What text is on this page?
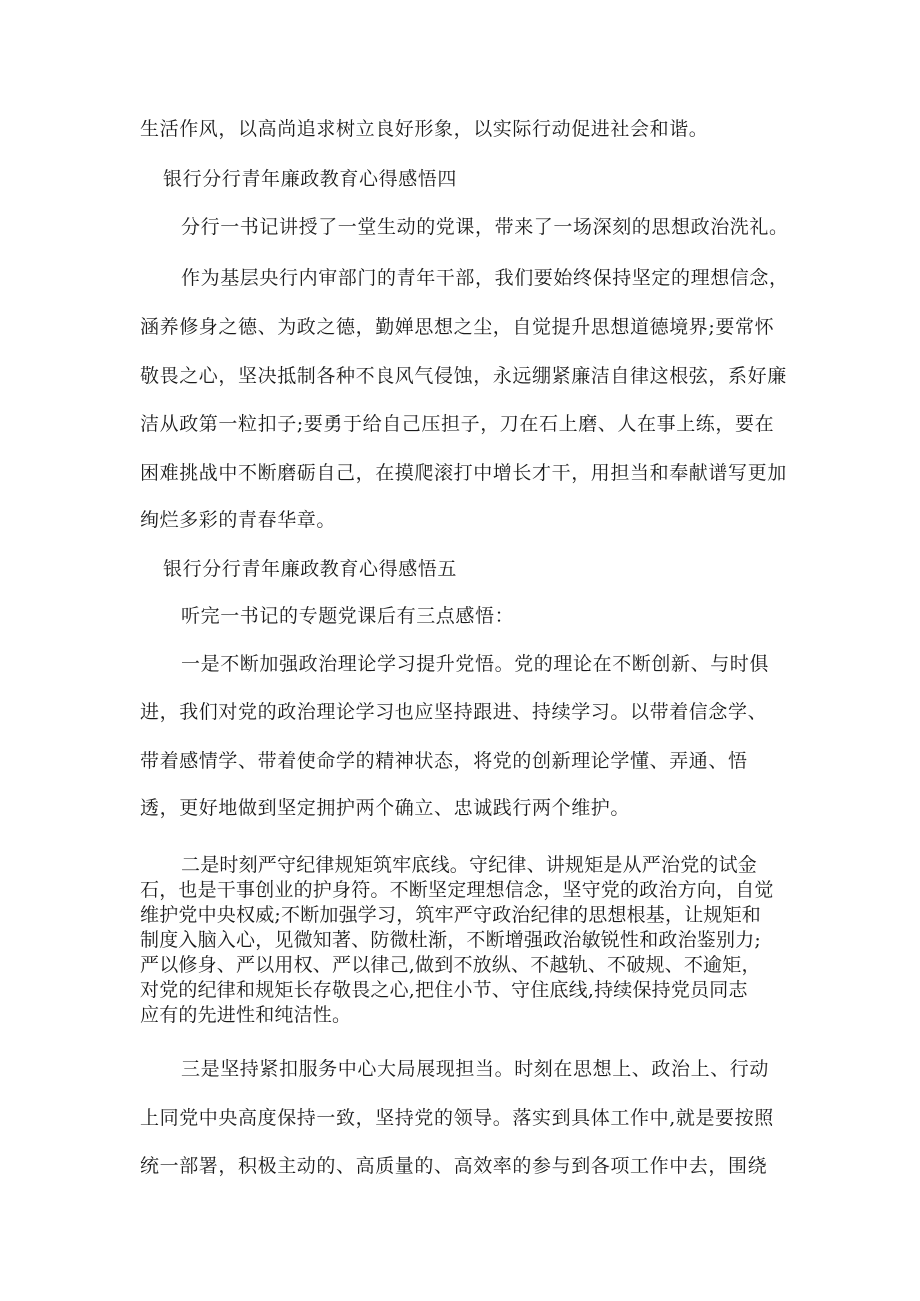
生活作风，以高尚追求树立良好形象，以实际行动促进社会和谐。
银行分行青年廉政教育心得感悟四
分行一书记讲授了一堂生动的党课，带来了一场深刻的思想政治洗礼。
作为基层央行内审部门的青年干部，我们要始终保持坚定的理想信念，
涵养修身之德、为政之德，勤婵思想之尘，自觉提升思想道德境界;要常怀
敬畏之心，坚决抵制各种不良风气侵蚀，永远绷紧廉洁自律这根弦，系好廉
洁从政第一粒扣子;要勇于给自己压担子，刀在石上磨、人在事上练，要在
困难挑战中不断磨砺自己，在摸爬滚打中增长才干，用担当和奉献谱写更加
绚烂多彩的青春华章。
银行分行青年廉政教育心得感悟五
听完一书记的专题党课后有三点感悟：
一是不断加强政治理论学习提升党悟。党的理论在不断创新、与时俱
进，我们对党的政治理论学习也应坚持跟进、持续学习。以带着信念学、
带着感情学、带着使命学的精神状态，将党的创新理论学懂、弄通、悟
透，更好地做到坚定拥护两个确立、忠诚践行两个维护。
二是时刻严守纪律规矩筑牢底线。守纪律、讲规矩是从严治党的试金
石，也是干事创业的护身符。不断坚定理想信念，坚守党的政治方向，自觉
维护党中央权威;不断加强学习，筑牢严守政治纪律的思想根基，让规矩和
制度入脑入心，见微知著、防微杜渐，不断增强政治敏锐性和政治鉴别力;
严以修身、严以用权、严以律己,做到不放纵、不越轨、不破规、不逾矩，
对党的纪律和规矩长存敬畏之心,把住小节、守住底线,持续保持党员同志
应有的先进性和纯洁性。
三是坚持紧扣服务中心大局展现担当。时刻在思想上、政治上、行动
上同党中央高度保持一致，坚持党的领导。落实到具体工作中,就是要按照
统一部署，积极主动的、高质量的、高效率的参与到各项工作中去，围绕
